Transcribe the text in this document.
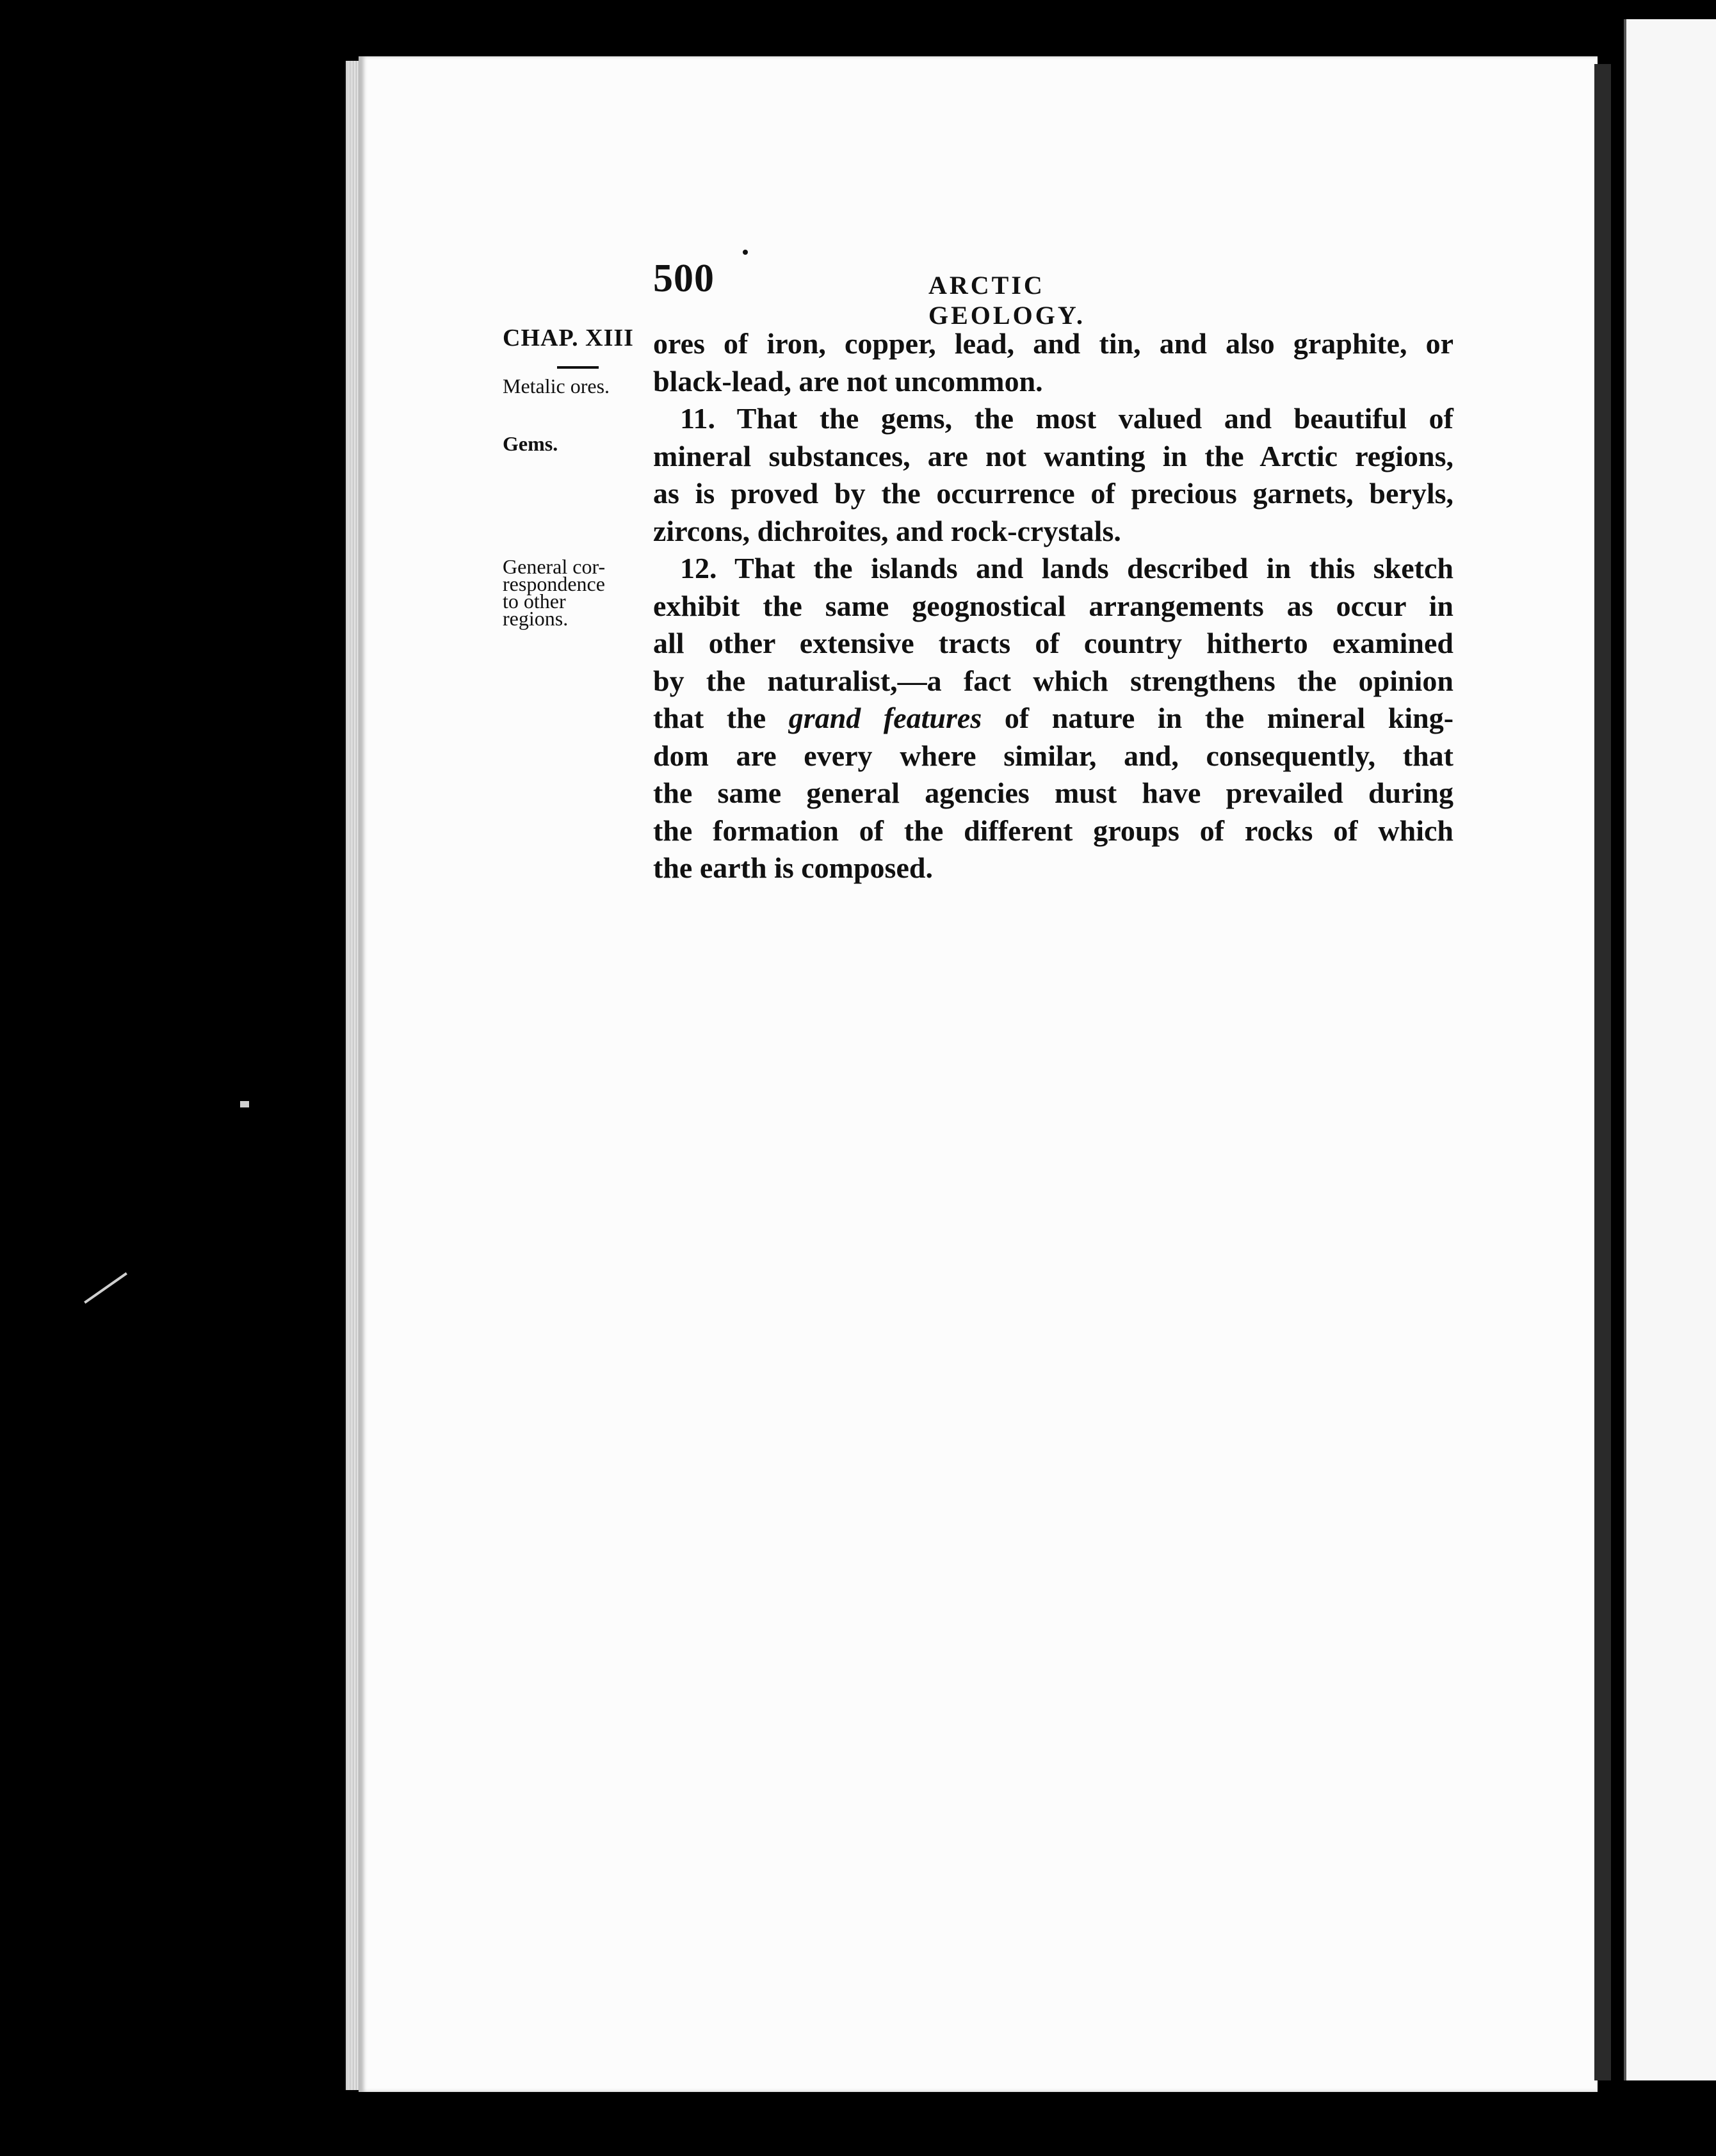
500	ARCTIC GEOLOGY.
CHAP. XIII
Metalic ores.
Gems.
General cor-
respondence
to other
regions.
ores of iron, copper, lead, and tin, and also graphite, or
black-lead, are not uncommon.
11. That the gems, the most valued and beautiful of
mineral substances, are not wanting in the Arctic regions,
as is proved by the occurrence of precious garnets, beryls,
zircons, dichroites, and rock-crystals.
12. That the islands and lands described in this sketch
exhibit the same geognostical arrangements as occur in
all other extensive tracts of country hitherto examined
by the naturalist,—a fact which strengthens the opinion
that the grand features of nature in the mineral king-
dom are every where similar, and, consequently, that
the same general agencies must have prevailed during
the formation of the different groups of rocks of which
the earth is composed.
